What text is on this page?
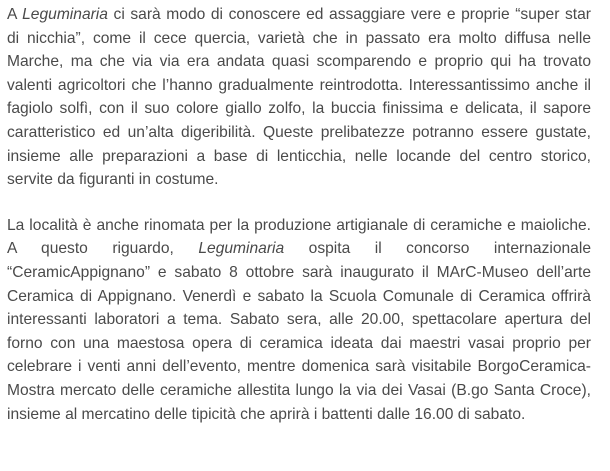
A Leguminaria ci sarà modo di conoscere ed assaggiare vere e proprie “super star di nicchia”, come il cece quercia, varietà che in passato era molto diffusa nelle Marche, ma che via via era andata quasi scomparendo e proprio qui ha trovato valenti agricoltori che l’hanno gradualmente reintrodotta. Interessantissimo anche il fagiolo solfì, con il suo colore giallo zolfo, la buccia finissima e delicata, il sapore caratteristico ed un’alta digeribilità. Queste prelibatezze potranno essere gustate, insieme alle preparazioni a base di lenticchia, nelle locande del centro storico, servite da figuranti in costume.

La località è anche rinomata per la produzione artigianale di ceramiche e maioliche. A questo riguardo, Leguminaria ospita il concorso internazionale “CeramicAppignano” e sabato 8 ottobre sarà inaugurato il MArC-Museo dell’arte Ceramica di Appignano. Venerdì e sabato la Scuola Comunale di Ceramica offrirà interessanti laboratori a tema. Sabato sera, alle 20.00, spettacolare apertura del forno con una maestosa opera di ceramica ideata dai maestri vasai proprio per celebrare i venti anni dell’evento, mentre domenica sarà visitabile BorgoCeramica-Mostra mercato delle ceramiche allestita lungo la via dei Vasai (B.go Santa Croce), insieme al mercatino delle tipicità che aprirà i battenti dalle 16.00 di sabato.
